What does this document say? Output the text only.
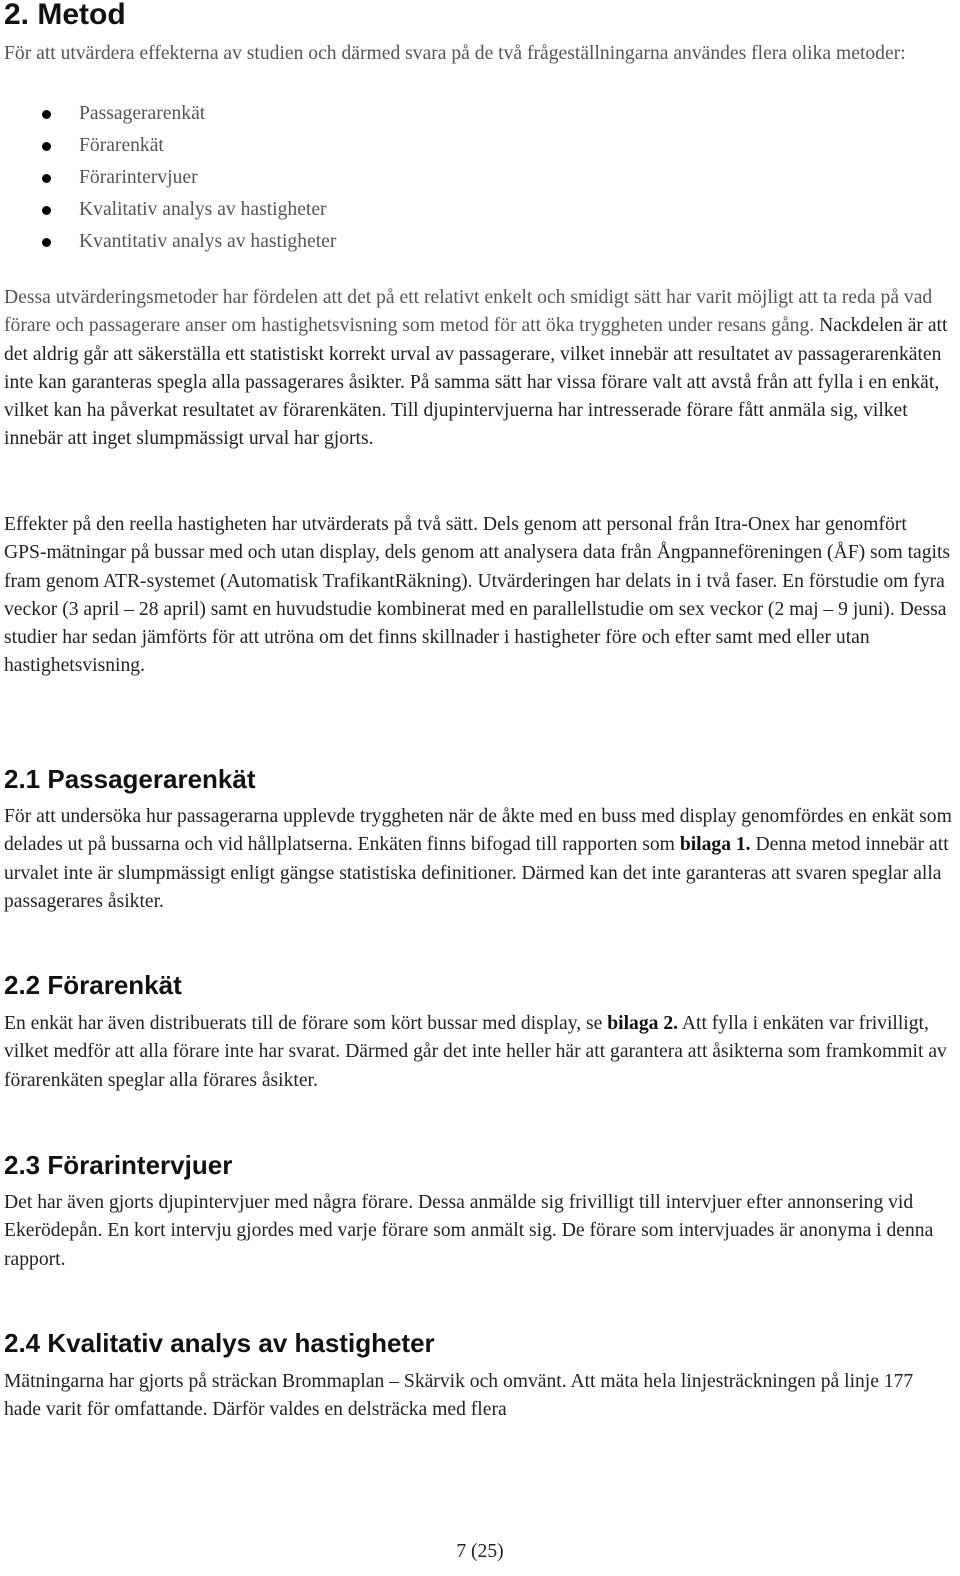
2. Metod

För att utvärdera effekterna av studien och därmed svara på de två frågeställningarna användes flera olika metoder:

Passagerarenkät
Förarenkät
Förarintervjuer
Kvalitativ analys av hastigheter
Kvantitativ analys av hastigheter

Dessa utvärderingsmetoder har fördelen att det på ett relativt enkelt och smidigt sätt har varit möjligt att ta reda på vad förare och passagerare anser om hastighetsvisning som metod för att öka tryggheten under resans gång. Nackdelen är att det aldrig går att säkerställa ett statistiskt korrekt urval av passagerare, vilket innebär att resultatet av passagerarenkäten inte kan garanteras spegla alla passagerares åsikter. På samma sätt har vissa förare valt att avstå från att fylla i en enkät, vilket kan ha påverkat resultatet av förarenkäten. Till djupintervjuerna har intresserade förare fått anmäla sig, vilket innebär att inget slumpmässigt urval har gjorts.

Effekter på den reella hastigheten har utvärderats på två sätt. Dels genom att personal från Itra-Onex har genomfört GPS-mätningar på bussar med och utan display, dels genom att analysera data från Ångpanneföreningen (ÅF) som tagits fram genom ATR-systemet (Automatisk TrafikantRäkning). Utvärderingen har delats in i två faser. En förstudie om fyra veckor (3 april – 28 april) samt en huvudstudie kombinerat med en parallellstudie om sex veckor (2 maj – 9 juni). Dessa studier har sedan jämförts för att utröna om det finns skillnader i hastigheter före och efter samt med eller utan hastighetsvisning.

2.1 Passagerarenkät

För att undersöka hur passagerarna upplevde tryggheten när de åkte med en buss med display genomfördes en enkät som delades ut på bussarna och vid hållplatserna. Enkäten finns bifogad till rapporten som bilaga 1. Denna metod innebär att urvalet inte är slumpmässigt enligt gängse statistiska definitioner. Därmed kan det inte garanteras att svaren speglar alla passagerares åsikter.

2.2 Förarenkät

En enkät har även distribuerats till de förare som kört bussar med display, se bilaga 2. Att fylla i enkäten var frivilligt, vilket medför att alla förare inte har svarat. Därmed går det inte heller här att garantera att åsikterna som framkommit av förarenkäten speglar alla förares åsikter.

2.3 Förarintervjuer

Det har även gjorts djupintervjuer med några förare. Dessa anmälde sig frivilligt till intervjuer efter annonsering vid Ekerödepån. En kort intervju gjordes med varje förare som anmält sig. De förare som intervjuades är anonyma i denna rapport.

2.4 Kvalitativ analys av hastigheter

Mätningarna har gjorts på sträckan Brommaplan – Skärvik och omvänt. Att mäta hela linjesträckningen på linje 177 hade varit för omfattande. Därför valdes en delsträcka med flera

7 (25)
